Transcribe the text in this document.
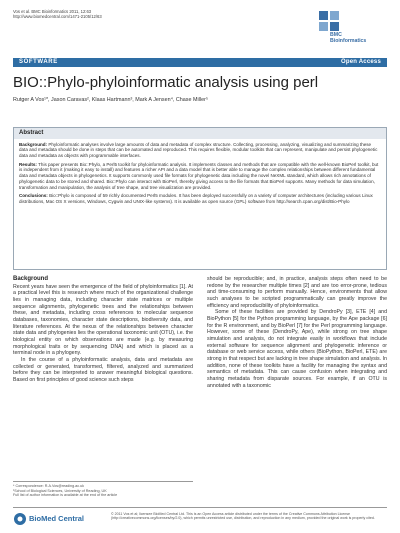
Vos et al. BMC Bioinformatics 2011, 12:63
http://www.biomedcentral.com/1471-2105/12/63
BMC
Bioinformatics
SOFTWARE	Open Access
BIO::Phylo-phyloinformatic analysis using perl
Rutger A Vos¹*, Jason Caravas², Klaas Hartmann³, Mark A Jensen⁴, Chase Miller⁵
Abstract
Background: Phyloinformatic analyses involve large amounts of data and metadata of complex structure. Collecting, processing, analyzing, visualizing and summarizing these data and metadata should be done in steps that can be automated and reproduced. This requires flexible, modular toolkits that can represent, manipulate and persist phylogenetic data and metadata as objects with programmable interfaces.
Results: This paper presents Bio::Phylo, a Perl5 toolkit for phyloinformatic analysis. It implements classes and methods that are compatible with the well-known BioPerl toolkit, but is independent from it (making it easy to install) and features a richer API and a data model that is better able to manage the complex relationships between different fundamental data and metadata objects in phylogenetics. It supports commonly used file formats for phylogenetic data including the novel NeXML standard, which allows rich annotations of phylogenetic data to be stored and shared. Bio::Phylo can interact with BioPerl, thereby giving access to the file formats that BioPerl supports. Many methods for data simulation, transformation and manipulation, the analysis of tree shape, and tree visualization are provided.
Conclusions: Bio::Phylo is composed of 59 richly documented Perl5 modules. It has been deployed successfully on a variety of computer architectures (including various Linux distributions, Mac OS X versions, Windows, Cygwin and UNIX-like systems). It is available as open source (GPL) software from http://search.cpan.org/dist/Bio-Phylo
Background

Recent years have seen the emergence of the field of phyloinformatics [1]. At a practical level this is research where much of the organizational challenge lies in managing data, including character state matrices or multiple sequence alignments, phylogenetic trees and the relationships between these, and metadata, including cross references to molecular sequence databases, taxonomies, character state descriptions, biodiversity data, and literature references. At the nexus of the relationships between character state data and phylogenies lies the operational taxonomic unit (OTU), i.e. the biological entity on which observations are made (e.g. by measuring morphological traits or by sequencing DNA) and which is placed as a terminal node in a phylogeny.

In the course of a phyloinformatic analysis, data and metadata are collected or generated, transformed, filtered, analyzed and summarized before they can be interpreted to answer meaningful biological questions. Based on first principles of good science such steps

should be reproducible; and, in practice, analysis steps often need to be redone by the researcher multiple times [2] and are too error-prone, tedious and time-consuming to perform manually. Hence, environments that allow such analyses to be scripted programmatically can greatly improve the efficiency and reproducibility of phyloinformatics.

Some of these facilities are provided by DendroPy [3], ETE [4] and BioPython [5] for the Python programming language, by the Ape package [6] for the R environment, and by BioPerl [7] for the Perl programming language. However, some of these (DendroPy, Ape), while strong on tree shape simulation and analysis, do not integrate easily in workflows that include external software for sequence alignment and phylogenetic inference or database or web service access, while others (BioPython, BioPerl, ETE) are strong in that respect but are lacking in tree shape simulation and analysis. In addition, none of these toolkits have a facility for managing the syntax and semantics of metadata. This can cause confusion when integrating and sharing metadata from disparate sources. For example, if an OTU is annotated with a taxonomic

* Correspondence: R.A.Vos@reading.ac.uk
¹School of Biological Sciences, University of Reading, UK
Full list of author information is available at the end of the article
BioMed Central	© 2011 Vos et al; licensee BioMed Central Ltd. This is an Open Access article distributed under the terms of the Creative Commons Attribution License (http://creativecommons.org/licenses/by/2.0), which permits unrestricted use, distribution, and reproduction in any medium, provided the original work is properly cited.
